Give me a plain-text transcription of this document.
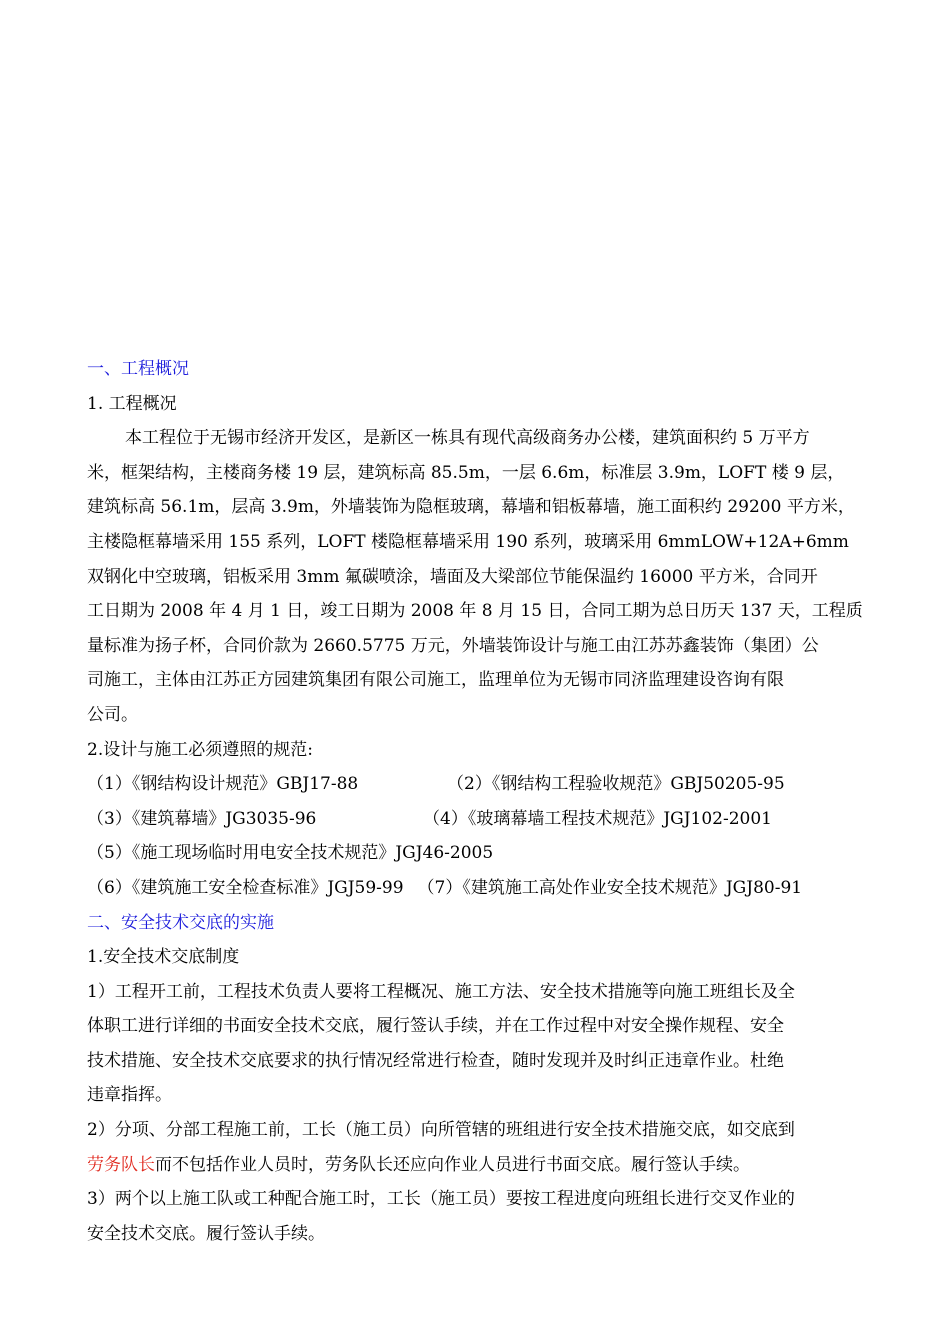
一、工程概况
1. 工程概况
本工程位于无锡市经济开发区，是新区一栋具有现代高级商务办公楼，建筑面积约 5 万平方
米，框架结构，主楼商务楼 19 层，建筑标高 85.5m，一层 6.6m，标准层 3.9m，LOFT 楼 9 层，
建筑标高 56.1m，层高 3.9m，外墙装饰为隐框玻璃，幕墙和铝板幕墙，施工面积约 29200 平方米，
主楼隐框幕墙采用 155 系列，LOFT 楼隐框幕墙采用 190 系列，玻璃采用 6mmLOW+12A+6mm
双钢化中空玻璃，铝板采用 3mm 氟碳喷涂，墙面及大梁部位节能保温约 16000 平方米，合同开
工日期为 2008 年 4 月 1 日，竣工日期为 2008 年 8 月 15 日，合同工期为总日历天 137 天，工程质
量标准为扬子杯，合同价款为 2660.5775 万元，外墙装饰设计与施工由江苏苏鑫装饰（集团）公
司施工，主体由江苏正方园建筑集团有限公司施工，监理单位为无锡市同济监理建设咨询有限
公司。
2.设计与施工必须遵照的规范:
（1）《钢结构设计规范》GBJ17-88	（2）《钢结构工程验收规范》GBJ50205-95
（3）《建筑幕墙》JG3035-96	（4）《玻璃幕墙工程技术规范》JGJ102-2001
（5）《施工现场临时用电安全技术规范》JGJ46-2005
（6）《建筑施工安全检查标准》JGJ59-99 （7）《建筑施工高处作业安全技术规范》JGJ80-91
二、安全技术交底的实施
1.安全技术交底制度
1）工程开工前，工程技术负责人要将工程概况、施工方法、安全技术措施等向施工班组长及全
体职工进行详细的书面安全技术交底，履行签认手续，并在工作过程中对安全操作规程、安全
技术措施、安全技术交底要求的执行情况经常进行检查，随时发现并及时纠正违章作业。杜绝
违章指挥。
2）分项、分部工程施工前，工长（施工员）向所管辖的班组进行安全技术措施交底，如交底到
劳务队长而不包括作业人员时，劳务队长还应向作业人员进行书面交底。履行签认手续。
3）两个以上施工队或工种配合施工时，工长（施工员）要按工程进度向班组长进行交叉作业的
安全技术交底。履行签认手续。
